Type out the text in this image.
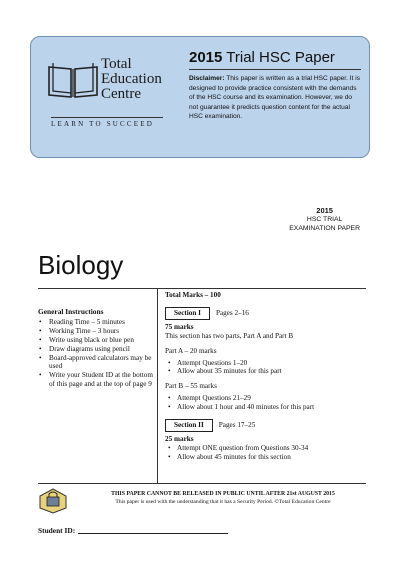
Total
Education
Centre
LEARN TO SUCCEED
2015 Trial HSC Paper
Disclaimer: This paper is written as a trial HSC paper. It is designed to provide practice consistent with the demands of the HSC course and its examination. However, we do not guarantee it predicts question content for the actual HSC examination.
2015
HSC TRIAL
EXAMINATION PAPER
Biology
General Instructions
• Reading Time – 5 minutes
• Working Time – 3 hours
• Write using black or blue pen
• Draw diagrams using pencil
• Board-approved calculators may be used
• Write your Student ID at the bottom of this page and at the top of page 9
Total Marks – 100
Section I	Pages 2–16
75 marks
This section has two parts, Part A and Part B
Part A – 20 marks
• Attempt Questions 1–20
• Allow about 35 minutes for this part
Part B – 55 marks
• Attempt Questions 21–29
• Allow about 1 hour and 40 minutes for this part
Section II	Pages 17–25
25 marks
• Attempt ONE question from Questions 30-34
• Allow about 45 minutes for this section
THIS PAPER CANNOT BE RELEASED IN PUBLIC UNTIL AFTER 21st AUGUST 2015
This paper is used with the understanding that it has a Security Period. ©Total Education Centre
Student ID:
